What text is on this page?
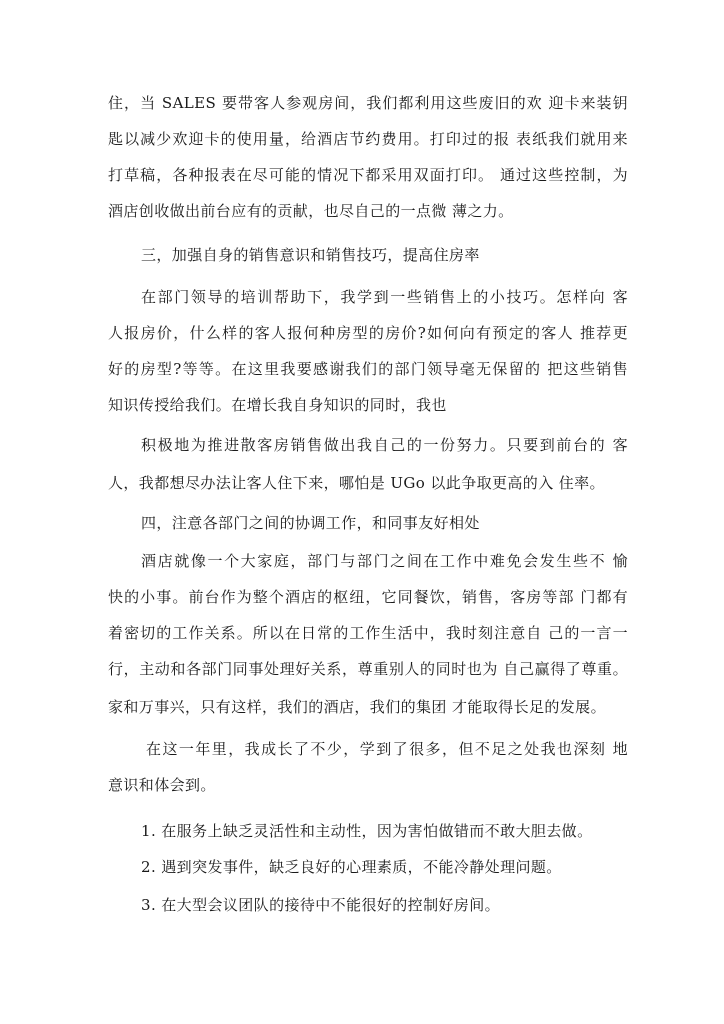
住，当 SALES 要带客人参观房间，我们都利用这些废旧的欢 迎卡来装钥
匙以减少欢迎卡的使用量，给酒店节约费用。打印过的报 表纸我们就用来
打草稿，各种报表在尽可能的情况下都采用双面打印。 通过这些控制，为
酒店创收做出前台应有的贡献，也尽自己的一点微 薄之力。
三，加强自身的销售意识和销售技巧，提高住房率
在部门领导的培训帮助下，我学到一些销售上的小技巧。怎样向 客
人报房价，什么样的客人报何种房型的房价?如何向有预定的客人 推荐更
好的房型?等等。在这里我要感谢我们的部门领导毫无保留的 把这些销售
知识传授给我们。在增长我自身知识的同时，我也
积极地为推进散客房销售做出我自己的一份努力。只要到前台的 客
人，我都想尽办法让客人住下来，哪怕是 UGo 以此争取更高的入 住率。
四，注意各部门之间的协调工作，和同事友好相处
酒店就像一个大家庭，部门与部门之间在工作中难免会发生些不 愉
快的小事。前台作为整个酒店的枢纽，它同餐饮，销售，客房等部 门都有
着密切的工作关系。所以在日常的工作生活中，我时刻注意自 己的一言一
行，主动和各部门同事处理好关系，尊重别人的同时也为 自己赢得了尊重。
家和万事兴，只有这样，我们的酒店，我们的集团 才能取得长足的发展。
在这一年里，我成长了不少，学到了很多，但不足之处我也深刻 地
意识和体会到。
1. 在服务上缺乏灵活性和主动性，因为害怕做错而不敢大胆去做。
2. 遇到突发事件，缺乏良好的心理素质，不能冷静处理问题。
3. 在大型会议团队的接待中不能很好的控制好房间。
